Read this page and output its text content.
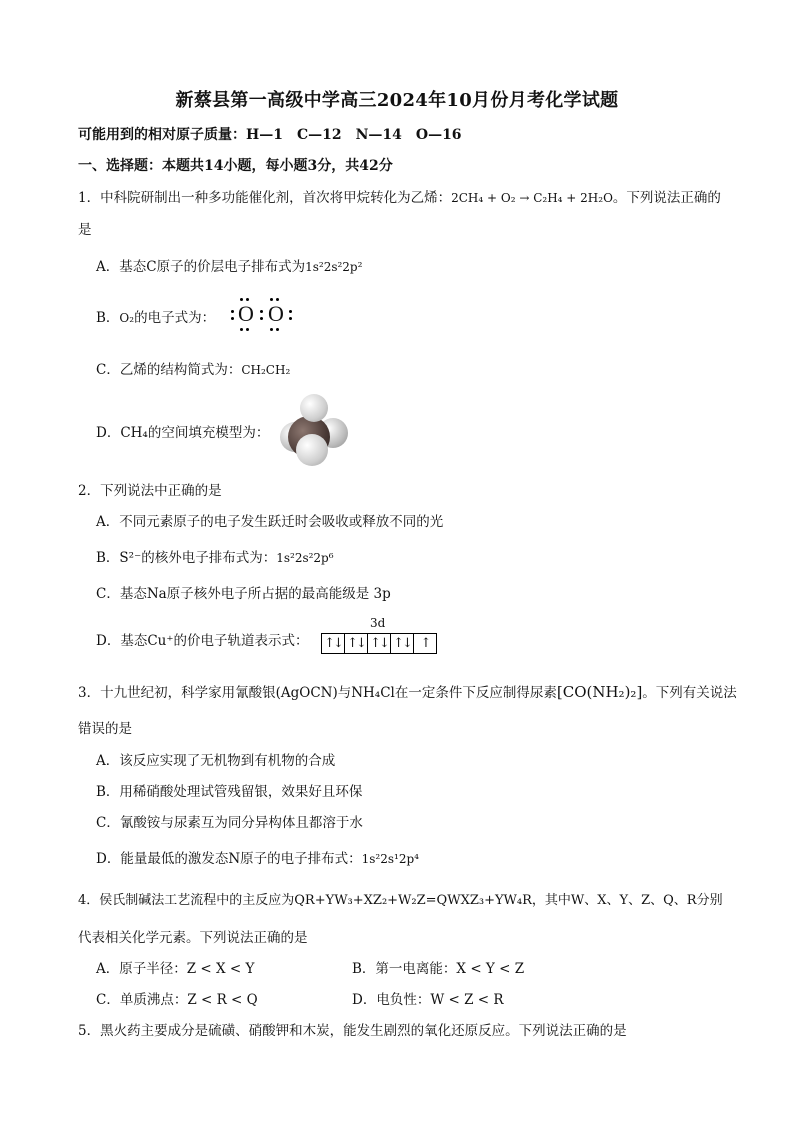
新蔡县第一高级中学高三2024年10月份月考化学试题
可能用到的相对原子质量：H—1　C—12　N—14　O—16
一、选择题：本题共14小题，每小题3分，共42分
1．中科院研制出一种多功能催化剂，首次将甲烷转化为乙烯：2CH₄ + O₂ → C₂H₄ + 2H₂O。下列说法正确的
是
A．基态C原子的价层电子排布式为1s²2s²2p²
B．O₂的电子式为： O O
C．乙烯的结构简式为：CH₂CH₂
D．CH₄的空间填充模型为：
2．下列说法中正确的是
A．不同元素原子的电子发生跃迁时会吸收或释放不同的光
B．S²⁻的核外电子排布式为：1s²2s²2p⁶
C．基态Na原子核外电子所占据的最高能级是 3p
D．基态Cu⁺的价电子轨道表示式：
3d
↑↓ ↑↓ ↑↓ ↑↓ ↑
3．十九世纪初，科学家用氰酸银(AgOCN)与NH₄Cl在一定条件下反应制得尿素[CO(NH₂)₂]。下列有关说法
错误的是
A．该反应实现了无机物到有机物的合成
B．用稀硝酸处理试管残留银，效果好且环保
C．氰酸铵与尿素互为同分异构体且都溶于水
D．能量最低的激发态N原子的电子排布式：1s²2s¹2p⁴
4．侯氏制碱法工艺流程中的主反应为QR+YW₃+XZ₂+W₂Z=QWXZ₃+YW₄R，其中W、X、Y、Z、Q、R分别
代表相关化学元素。下列说法正确的是
A．原子半径：Z < X < Y	B．第一电离能：X < Y < Z
C．单质沸点：Z < R < Q	D．电负性：W < Z < R
5．黑火药主要成分是硫磺、硝酸钾和木炭，能发生剧烈的氧化还原反应。下列说法正确的是
